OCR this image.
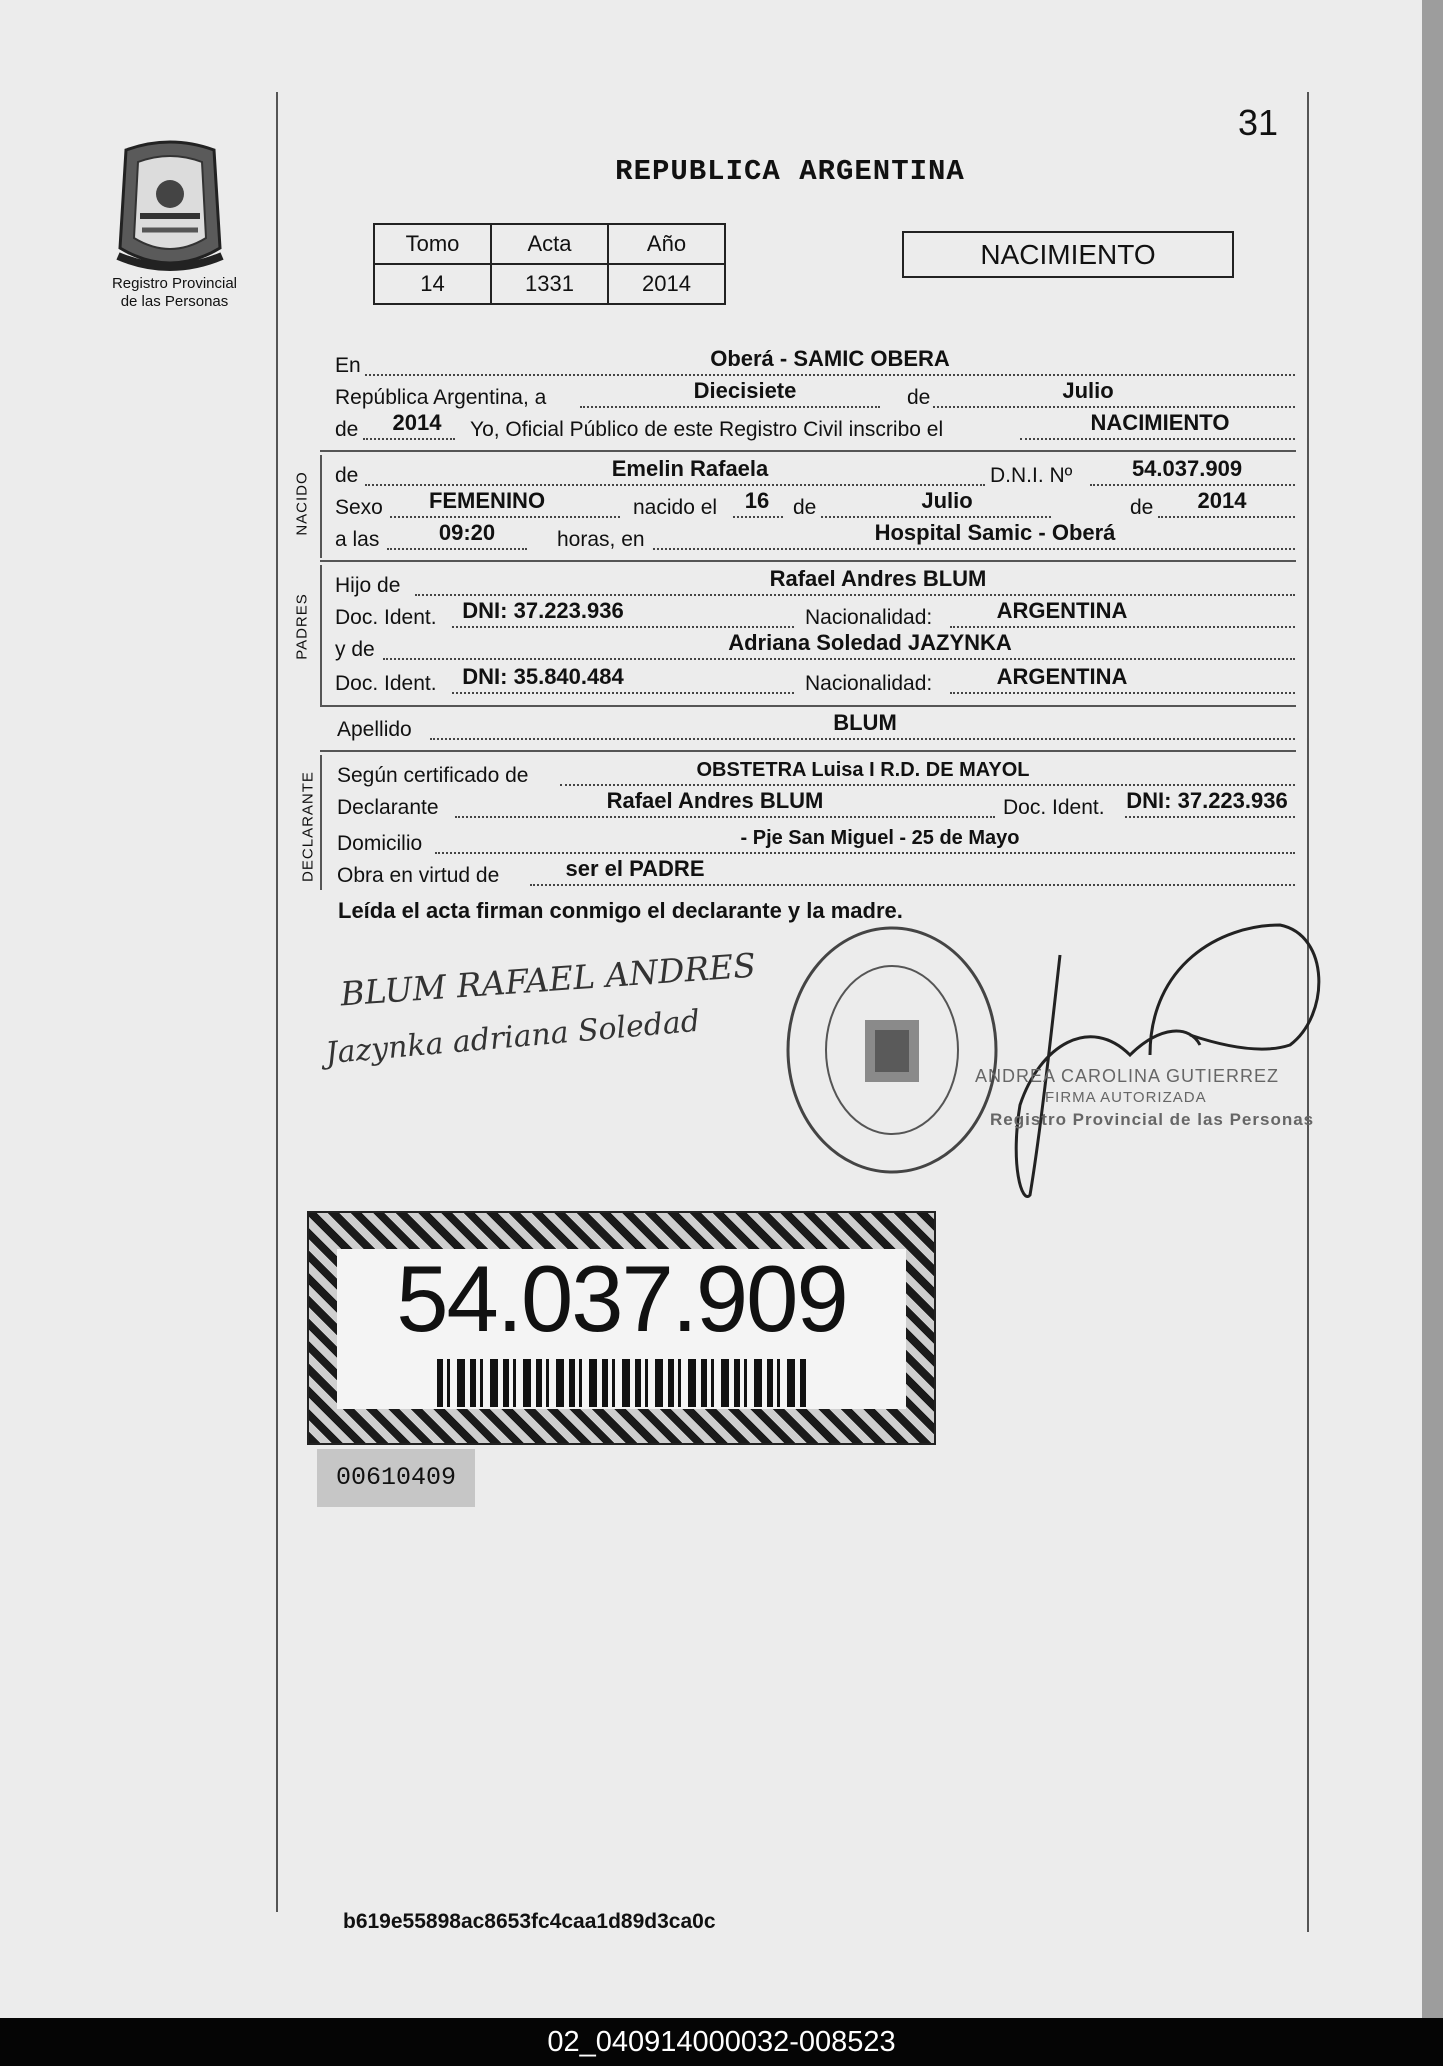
31
Registro Provincial
de las Personas
REPUBLICA ARGENTINA
Tomo	Acta	Año
14	1331	2014
NACIMIENTO
En	Oberá - SAMIC OBERA
República Argentina, a	Diecisiete	de	Julio
de 2014 Yo, Oficial Público de este Registro Civil inscribo el	NACIMIENTO
NACIDO de	Emelin Rafaela	D.N.I. Nº	54.037.909
Sexo FEMENINO	nacido el 16 de	Julio	de 2014
a las	09:20	horas, en	Hospital Samic - Oberá
PADRES
Hijo de	Rafael Andres BLUM
Doc. Ident. DNI: 37.223.936	Nacionalidad:	ARGENTINA
y de	Adriana Soledad JAZYNKA
Doc. Ident. DNI: 35.840.484	Nacionalidad:	ARGENTINA
Apellido	BLUM
DECLARANTE Según certificado de	OBSTETRA Luisa I R.D. DE MAYOL
Declarante	Rafael Andres BLUM	Doc. Ident. DNI: 37.223.936
Domicilio	- Pje San Miguel - 25 de Mayo
Obra en virtud de	ser el PADRE
Leída el acta firman conmigo el declarante y la madre.
BLUM RAFAEL ANDRES
Jazynka adriana Soledad
ANDREA CAROLINA GUTIERREZ
FIRMA AUTORIZADA
Registro Provincial de las Personas
54.037.909
00610409
b619e55898ac8653fc4caa1d89d3ca0c
02_040914000032-008523
